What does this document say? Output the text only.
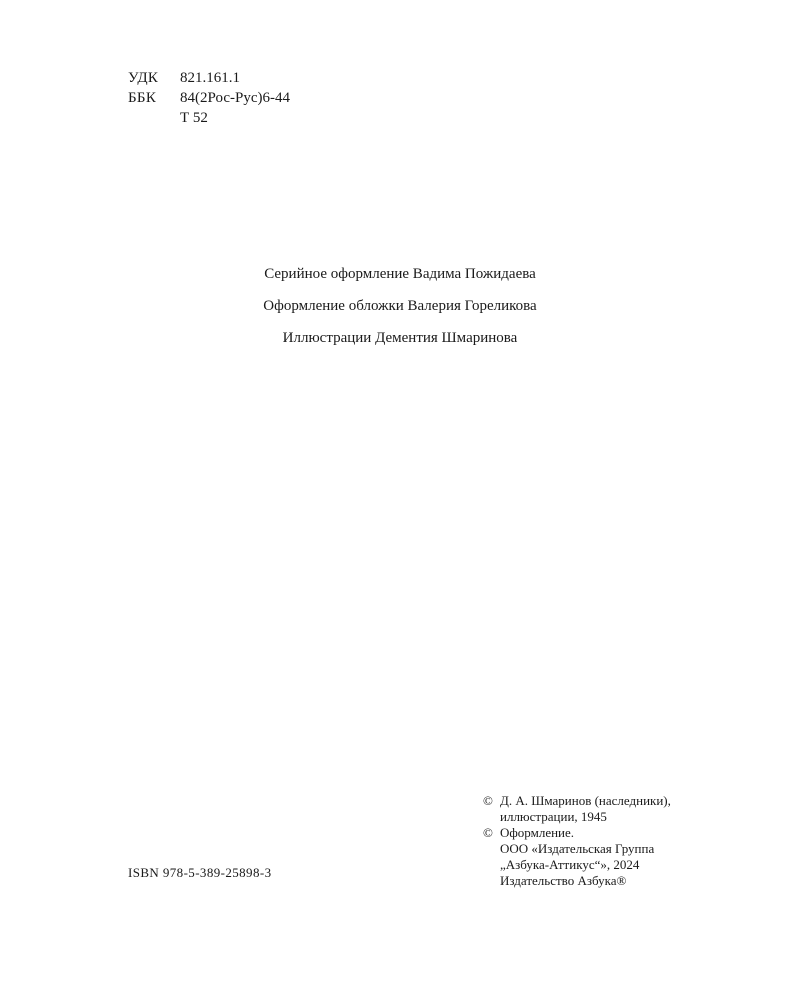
УДК	821.161.1
ББК	84(2Рос-Рус)6-44
Т 52
Серийное оформление Вадима Пожидаева
Оформление обложки Валерия Гореликова
Иллюстрации Дементия Шмаринова
ISBN 978-5-389-25898-3
© Д. А. Шмаринов (наследники),
иллюстрации, 1945
© Оформление.
ООО «Издательская Группа
„Азбука-Аттикус“», 2024
Издательство Азбука®
